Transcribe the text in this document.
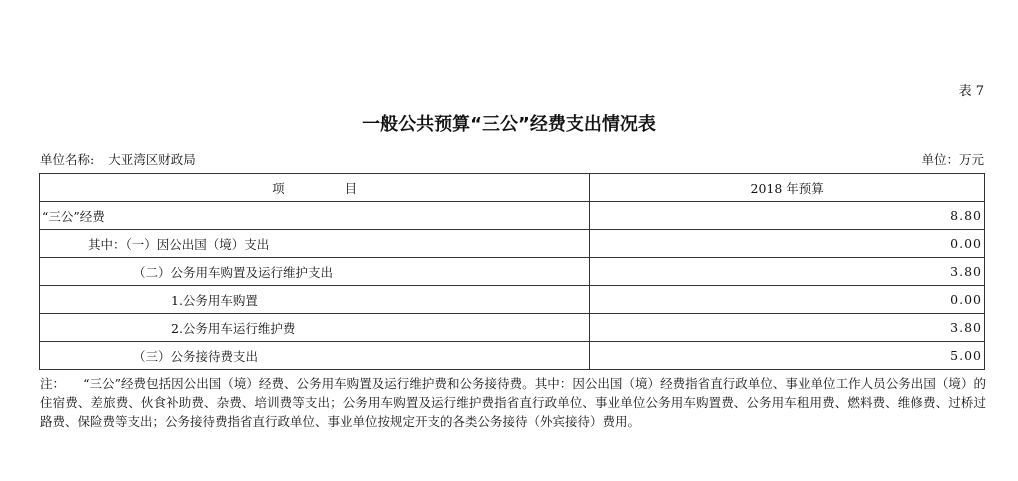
表 7
一般公共预算“三公”经费支出情况表
单位名称: 大亚湾区财政局	单位：万元
项 目	2018 年预算
“三公”经费	8.80
其中：（一）因公出国（境）支出	0.00
（二）公务用车购置及运行维护支出	3.80
1.公务用车购置	0.00
2.公务用车运行维护费	3.80
（三）公务接待费支出	5.00
注： “三公”经费包括因公出国（境）经费、公务用车购置及运行维护费和公务接待费。其中：因公出国（境）经费指省直行政单位、事业单位工作人员公务出国（境）的住宿费、差旅费、伙食补助费、杂费、培训费等支出；公务用车购置及运行维护费指省直行政单位、事业单位公务用车购置费、公务用车租用费、燃料费、维修费、过桥过路费、保险费等支出；公务接待费指省直行政单位、事业单位按规定开支的各类公务接待（外宾接待）费用。
